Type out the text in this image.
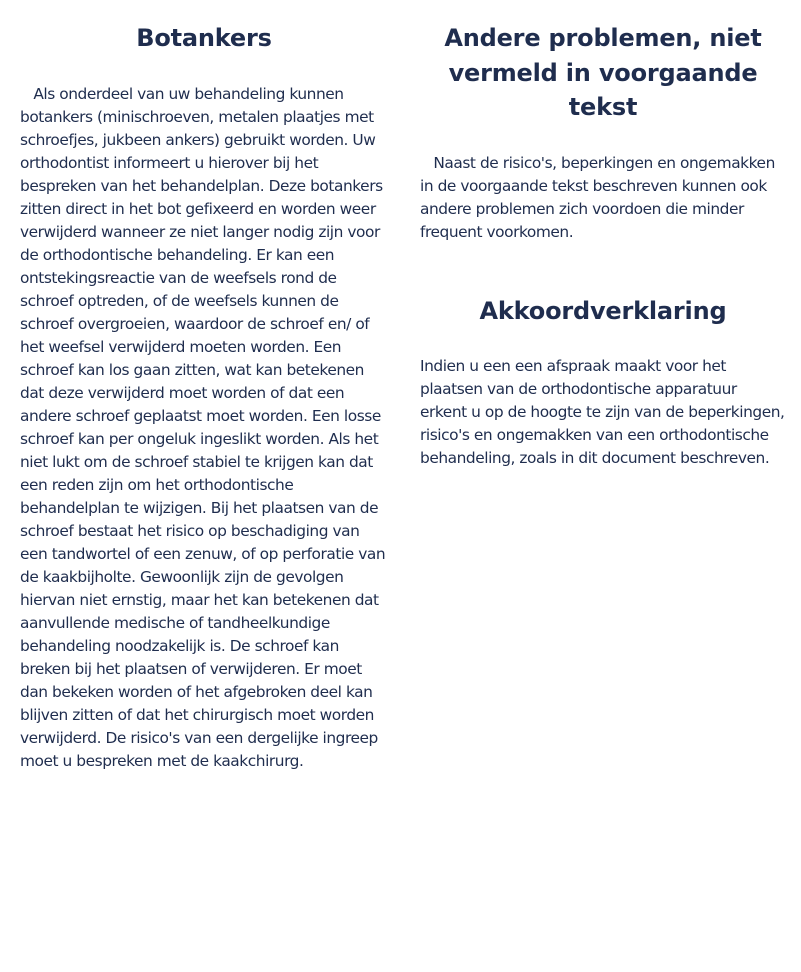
Botankers

Als onderdeel van uw behandeling kunnen botankers (minischroeven, metalen plaatjes met schroefjes, jukbeen ankers) gebruikt worden. Uw orthodontist informeert u hierover bij het bespreken van het behandelplan. Deze botankers zitten direct in het bot gefixeerd en worden weer verwijderd wanneer ze niet langer nodig zijn voor de orthodontische behandeling. Er kan een ontstekingsreactie van de weefsels rond de schroef optreden, of de weefsels kunnen de schroef overgroeien, waardoor de schroef en/ of het weefsel verwijderd moeten worden. Een schroef kan los gaan zitten, wat kan betekenen dat deze verwijderd moet worden of dat een andere schroef geplaatst moet worden. Een losse schroef kan per ongeluk ingeslikt worden. Als het niet lukt om de schroef stabiel te krijgen kan dat een reden zijn om het orthodontische behandelplan te wijzigen. Bij het plaatsen van de schroef bestaat het risico op beschadiging van een tandwortel of een zenuw, of op perforatie van de kaakbijholte. Gewoonlijk zijn de gevolgen hiervan niet ernstig, maar het kan betekenen dat aanvullende medische of tandheelkundige behandeling noodzakelijk is. De schroef kan breken bij het plaatsen of verwijderen. Er moet dan bekeken worden of het afgebroken deel kan blijven zitten of dat het chirurgisch moet worden verwijderd. De risico's van een dergelijke ingreep moet u bespreken met de kaakchirurg.

Andere problemen, niet vermeld in voorgaande tekst

Naast de risico's, beperkingen en ongemakken in de voorgaande tekst beschreven kunnen ook andere problemen zich voordoen die minder frequent voorkomen.

Akkoordverklaring

Indien u een een afspraak maakt voor het plaatsen van de orthodontische apparatuur erkent u op de hoogte te zijn van de beperkingen, risico's en ongemakken van een orthodontische behandeling, zoals in dit document beschreven.
